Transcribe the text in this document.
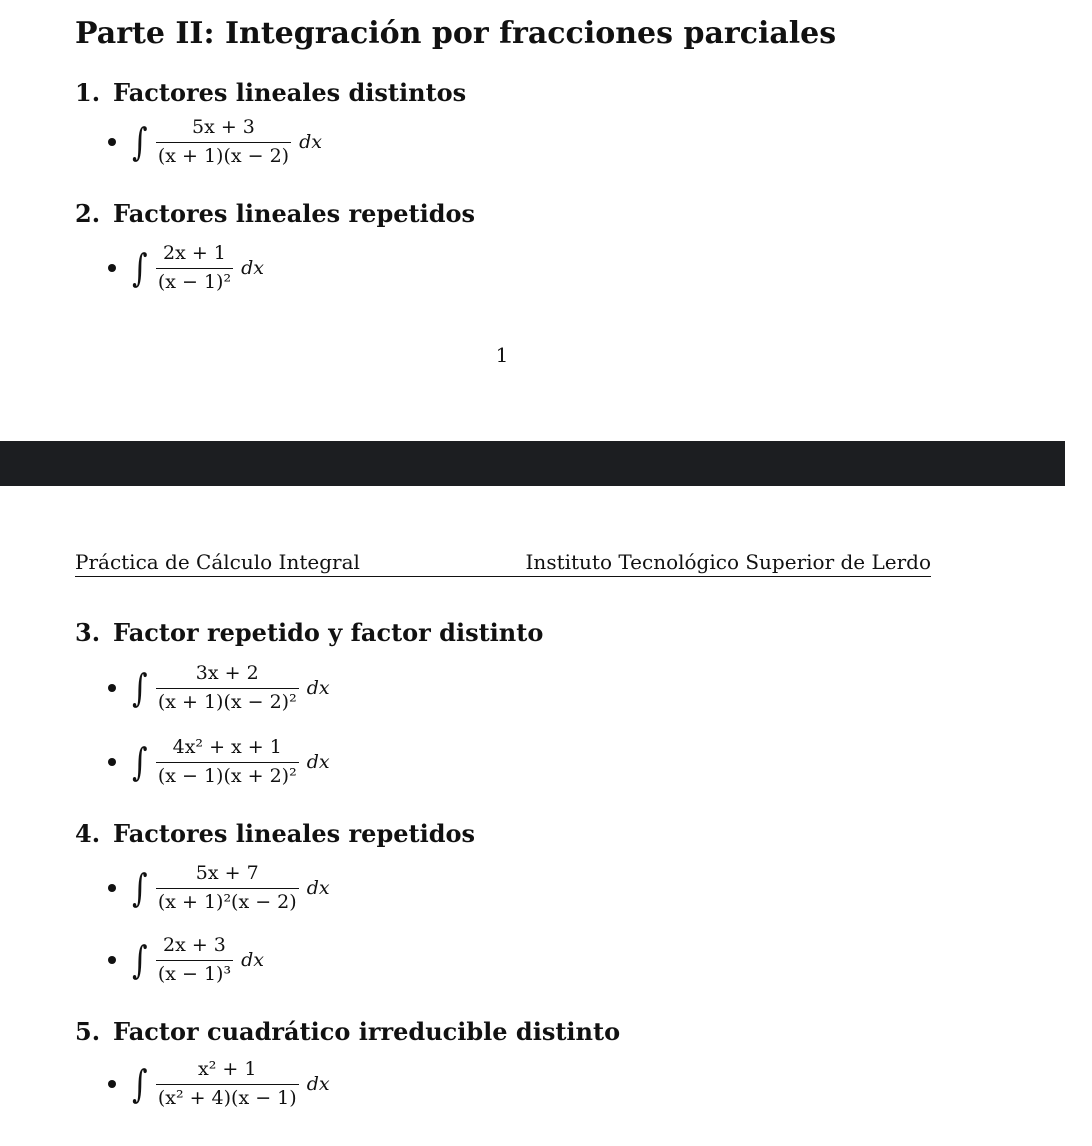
Parte II: Integración por fracciones parciales
1. Factores lineales distintos
∫ $\frac{5x + 3}{(x + 1)(x - 2)}$ dx
2. Factores lineales repetidos
∫ $\frac{2x + 1}{\text{(x − 1)²}}$ dx
1
Práctica de Cálculo Integral	Instituto Tecnológico Superior de Lerdo
3. Factor repetido y factor distinto
∫ $\frac{3x + 2}{\text{(x + 1)(x − 2)²}}$ dx
∫ $\frac{\text{4x² + x + 1}}{\text{(x − 1)(x + 2)²}}$ dx
4. Factores lineales repetidos
∫ $\frac{5x + 7}{\text{(x + 1)²(x − 2)}}$ dx
∫ $\frac{2x + 3}{\text{(x − 1)³}}$ dx
5. Factor cuadrático irreducible distinto
∫ $\frac{\text{x² + 1}}{\text{(x² + 4)(x − 1)}}$ dx
